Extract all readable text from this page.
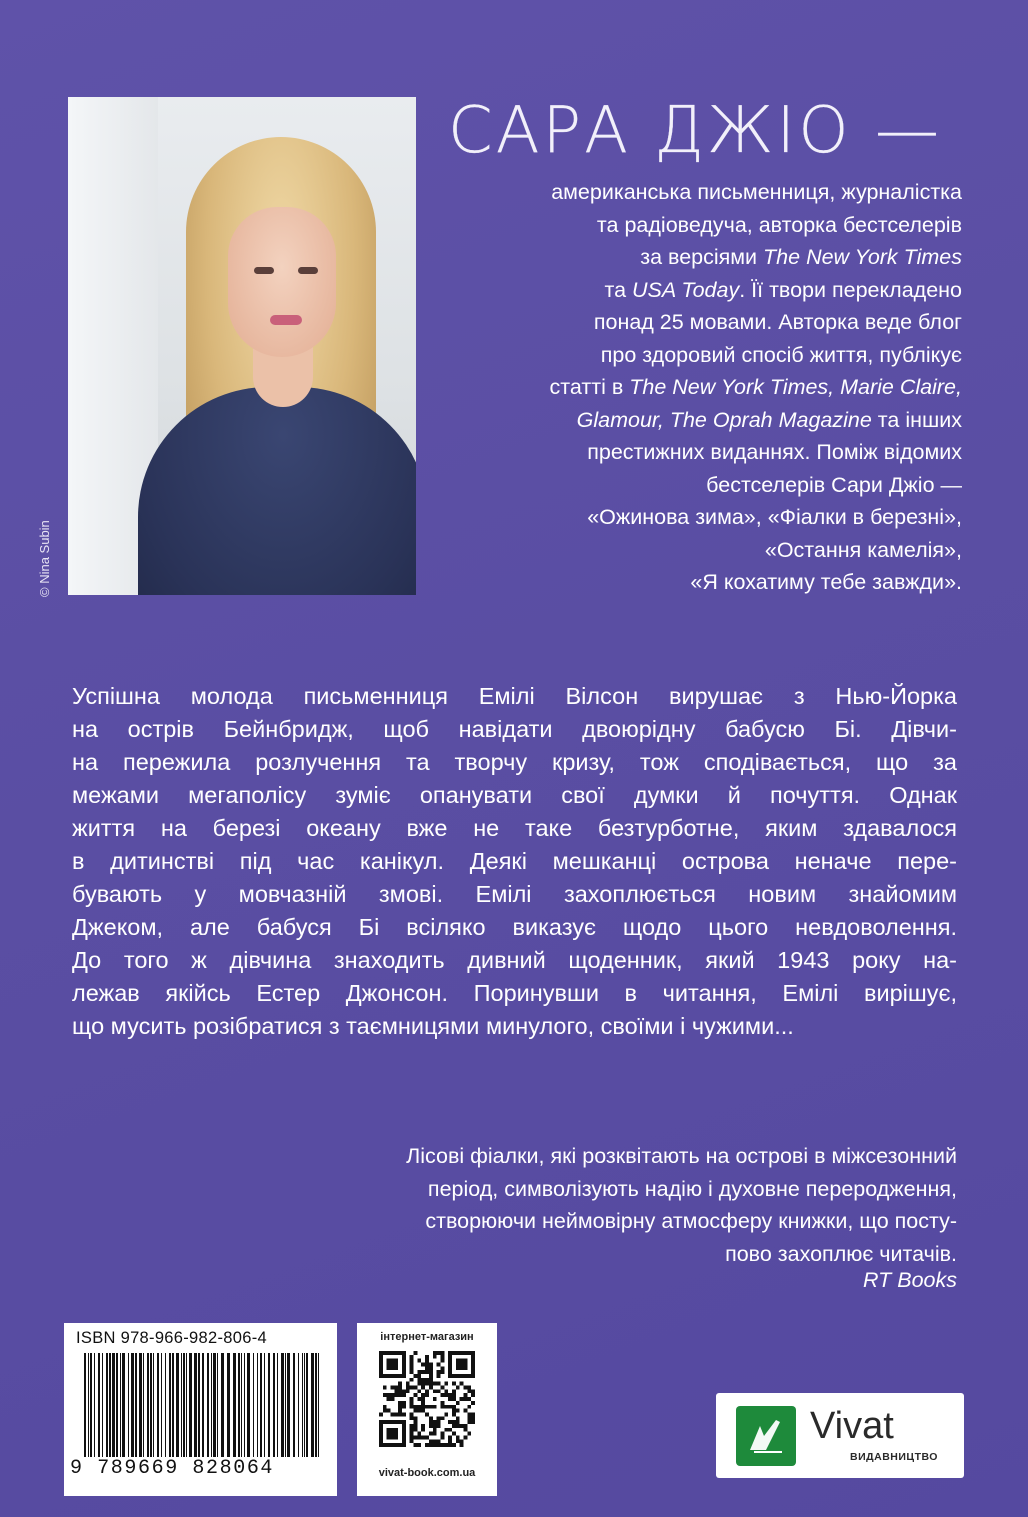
© Nina Subin
САРА ДЖІО —
американська письменниця, журналістка
та радіоведуча, авторка бестселерів
за версіями The New York Times
та USA Today. Її твори перекладено
понад 25 мовами. Авторка веде блог
про здоровий спосіб життя, публікує
статті в The New York Times, Marie Claire,
Glamour, The Oprah Magazine та інших
престижних виданнях. Поміж відомих
бестселерів Сари Джіо —
«Ожинова зима», «Фіалки в березні»,
«Остання камелія»,
«Я кохатиму тебе завжди».
Успішна молода письменниця Емілі Вілсон вирушає з Нью-Йорка
на острів Бейнбридж, щоб навідати двоюрідну бабусю Бі. Дівчи-
на пережила розлучення та творчу кризу, тож сподівається, що за
межами мегаполісу зуміє опанувати свої думки й почуття. Однак
життя на березі океану вже не таке безтурботне, яким здавалося
в дитинстві під час канікул. Деякі мешканці острова неначе пере-
бувають у мовчазній змові. Емілі захоплюється новим знайомим
Джеком, але бабуся Бі всіляко виказує щодо цього невдоволення.
До того ж дівчина знаходить дивний щоденник, який 1943 року на-
лежав якійсь Естер Джонсон. Поринувши в читання, Емілі вирішує,
що мусить розібратися з таємницями минулого, своїми і чужими...
Лісові фіалки, які розквітають на острові в міжсезонний
період, символізують надію і духовне переродження,
створюючи неймовірну атмосферу книжки, що посту-
пово захоплює читачів.
RT Books
ISBN 978-966-982-806-4
9 789669 828064
інтернет-магазин
vivat-book.com.ua
Vivat
ВИДАВНИЦТВО
